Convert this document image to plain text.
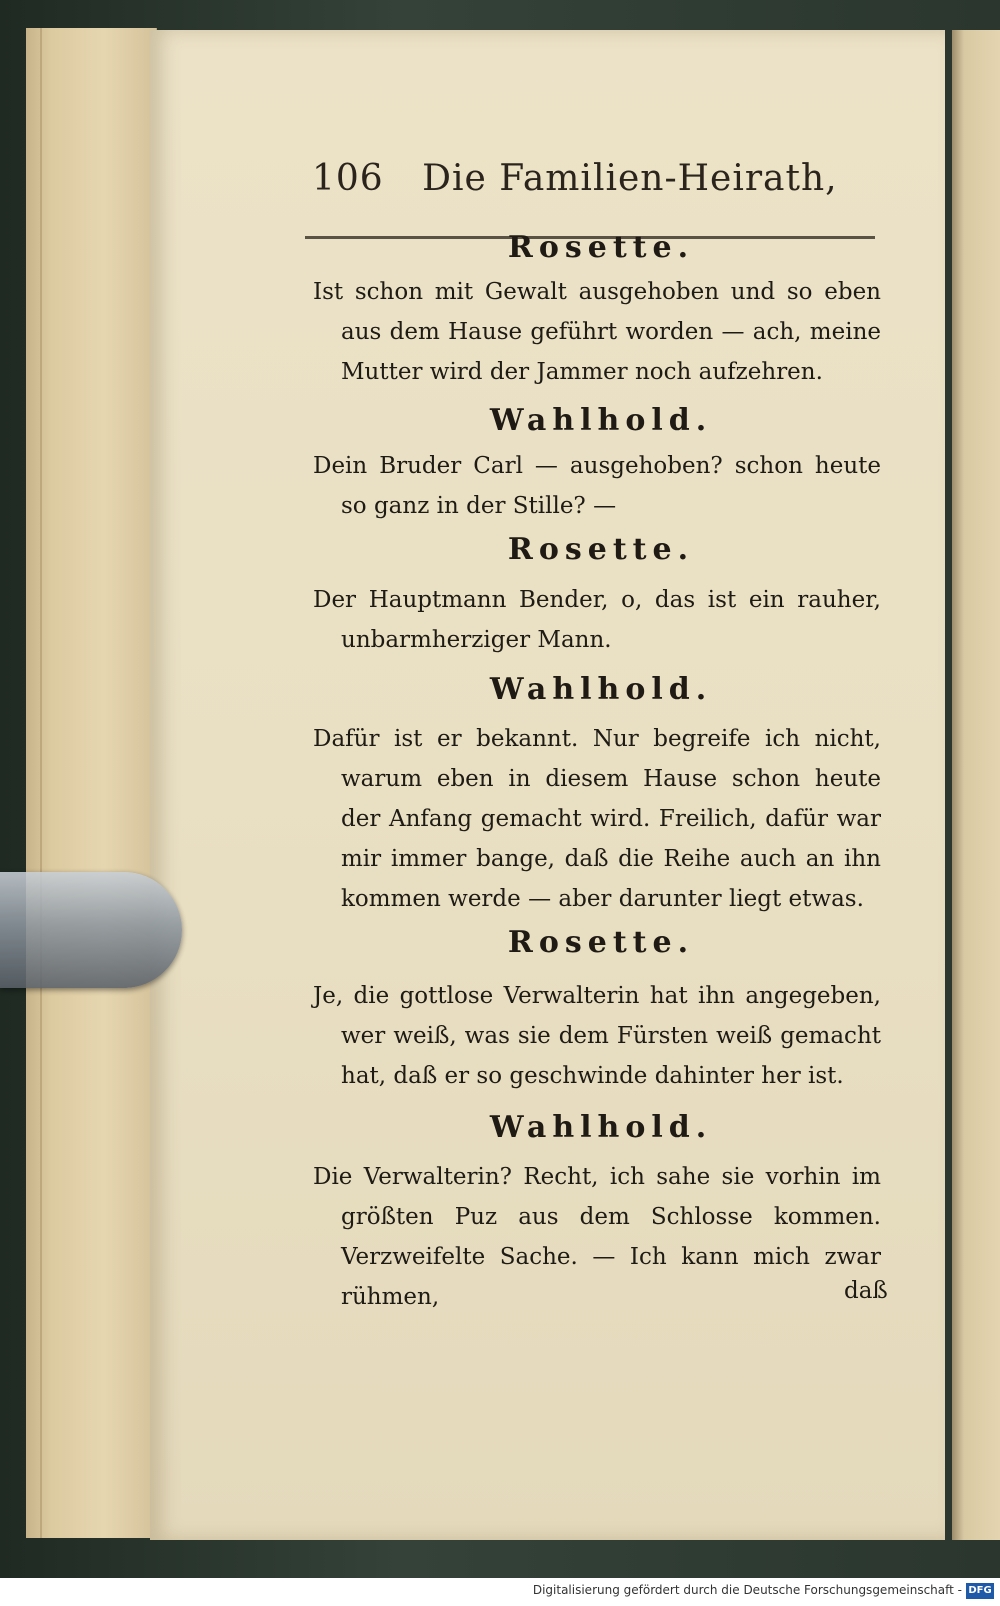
106 Die Familien-Heirath,
Rosette.
Ist schon mit Gewalt ausgehoben und so eben aus dem Hause geführt worden — ach, meine Mutter wird der Jammer noch aufzehren.
Wahlhold.
Dein Bruder Carl — ausgehoben? schon heute so ganz in der Stille? —
Rosette.
Der Hauptmann Bender, o, das ist ein rauher, unbarmherziger Mann.
Wahlhold.
Dafür ist er bekannt. Nur begreife ich nicht, warum eben in diesem Hause schon heute der Anfang gemacht wird. Freilich, dafür war mir immer bange, daß die Reihe auch an ihn kommen werde — aber darunter liegt etwas.
Rosette.
Je, die gottlose Verwalterin hat ihn angegeben, wer weiß, was sie dem Fürsten weiß gemacht hat, daß er so geschwinde dahinter her ist.
Wahlhold.
Die Verwalterin? Recht, ich sahe sie vorhin im größten Puz aus dem Schlosse kommen. Verzweifelte Sache. — Ich kann mich zwar rühmen,	daß
Digitalisierung gefördert durch die Deutsche Forschungsgemeinschaft - DFG
